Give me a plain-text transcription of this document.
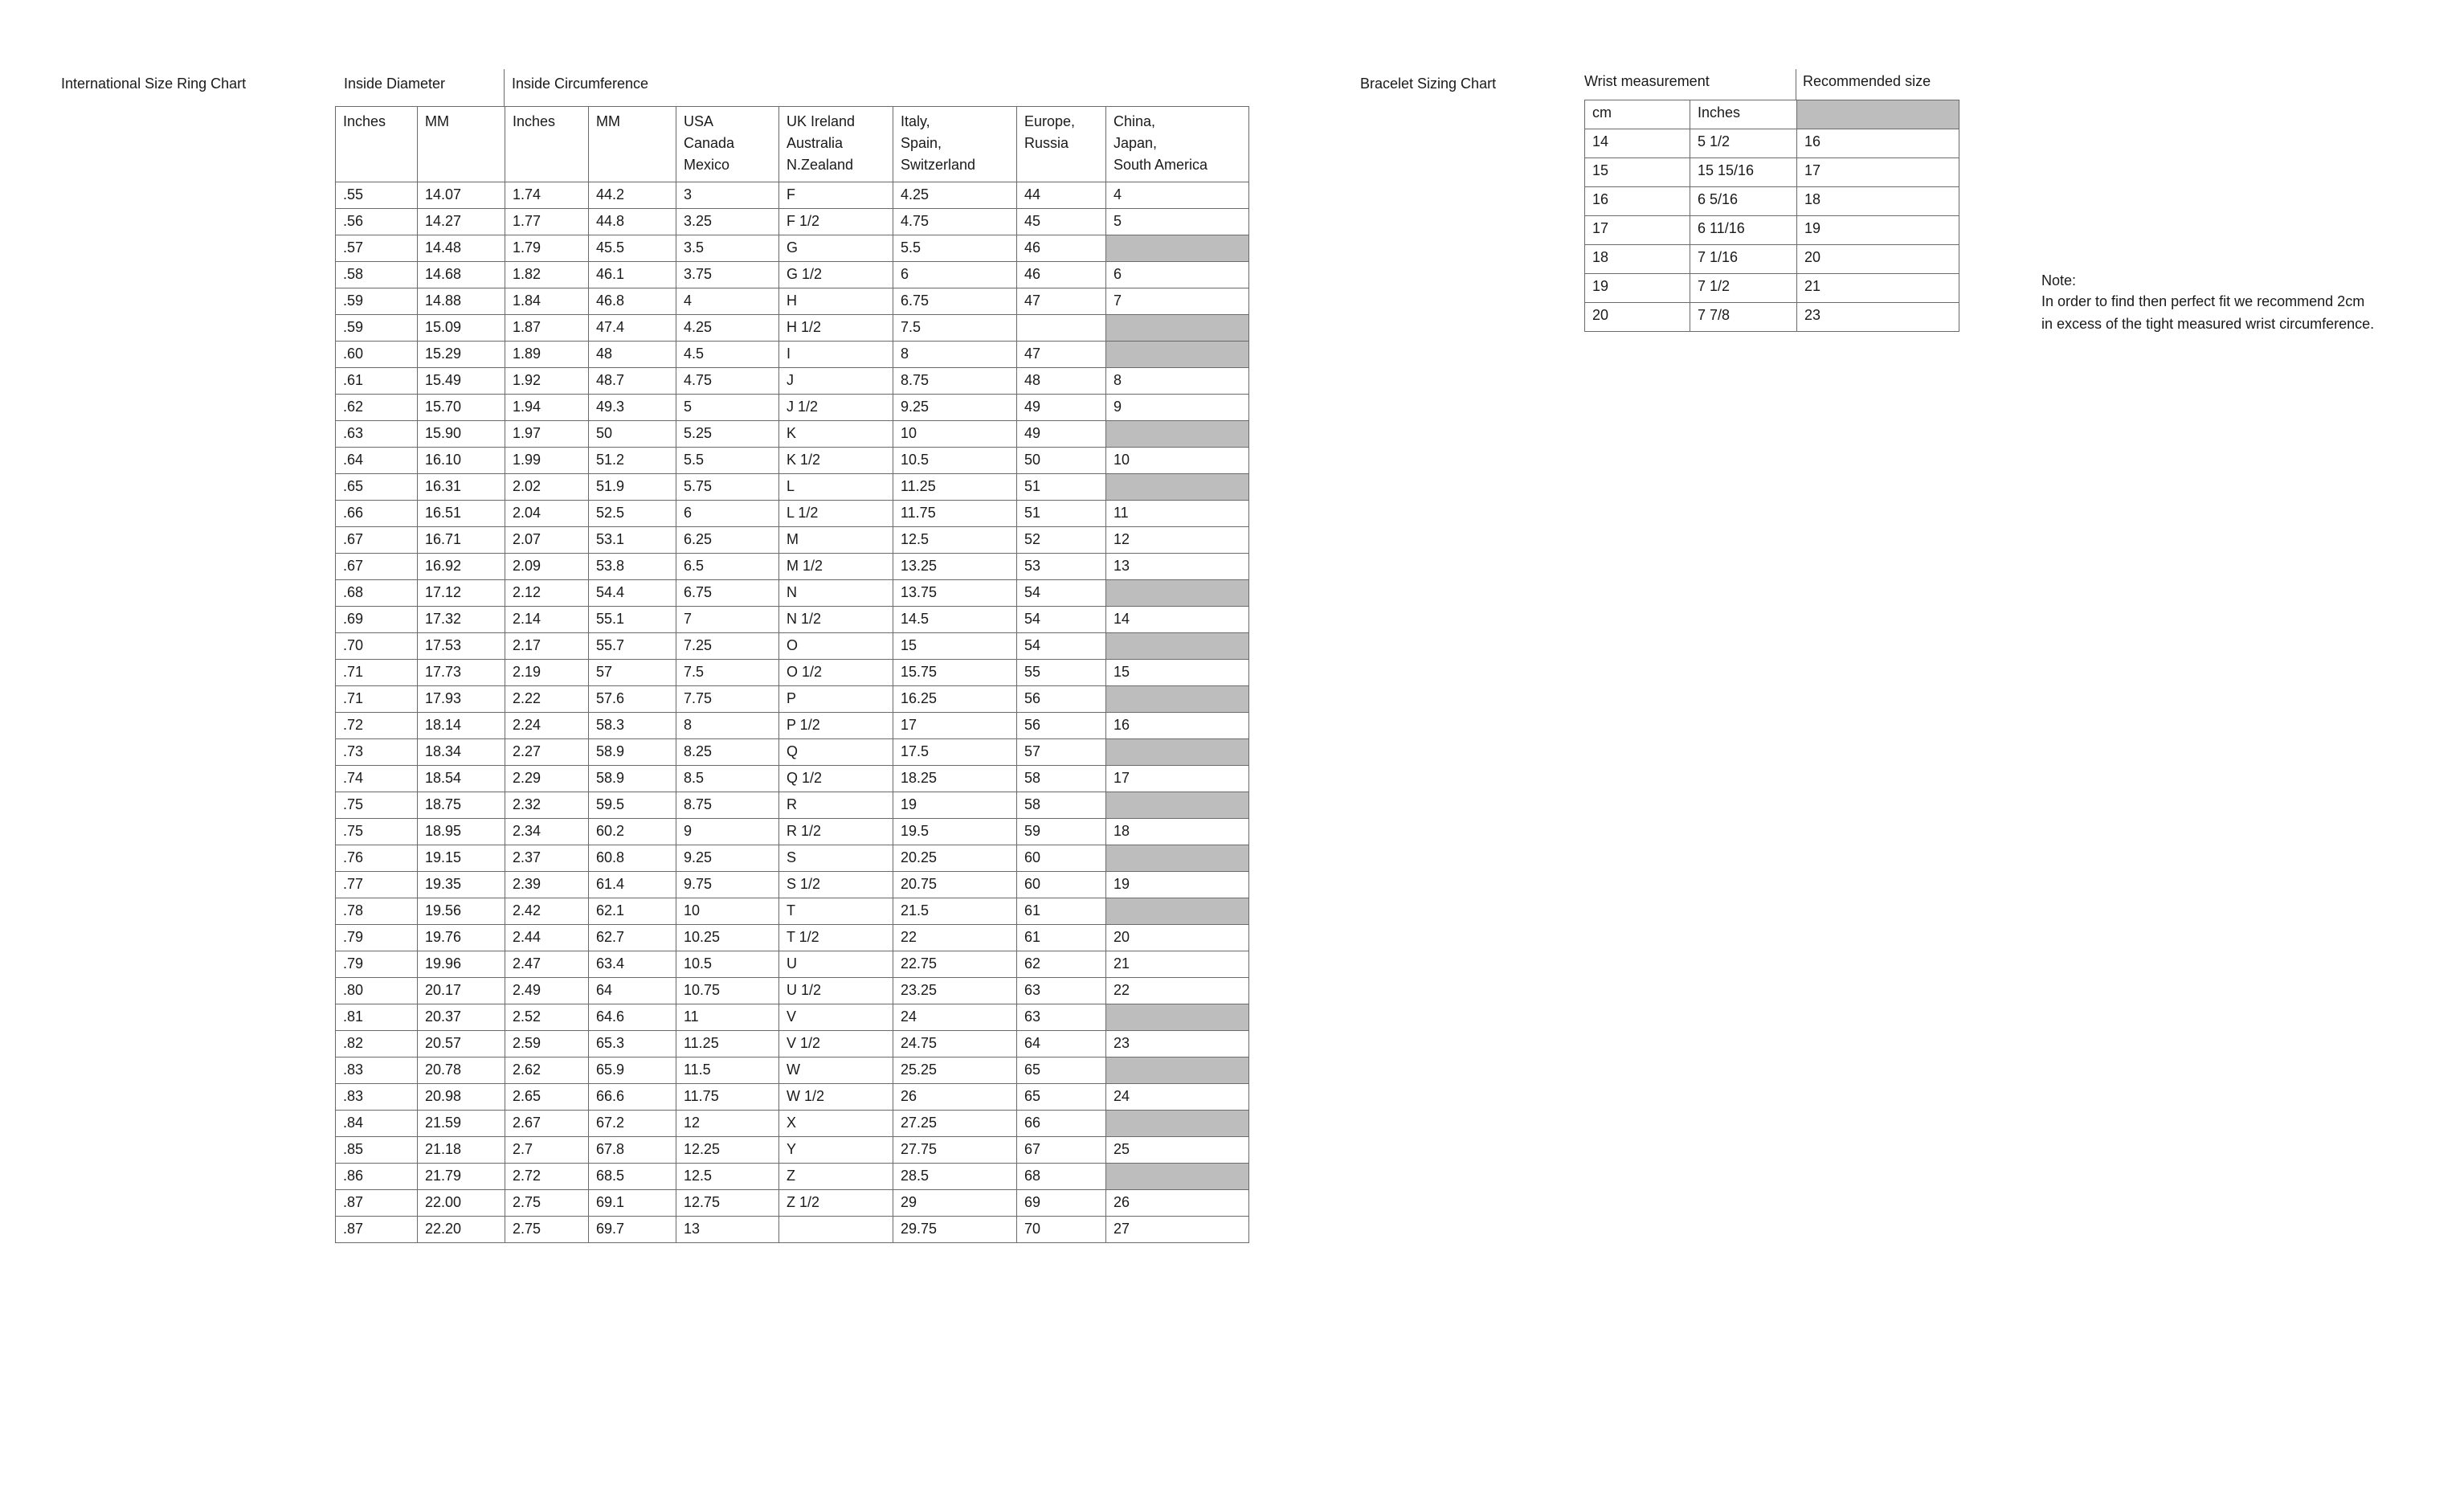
International Size Ring Chart	Inside Diameter	Inside Circumference
Inches	MM	Inches	MM	USA
Canada
Mexico	UK Ireland
Australia
N.Zealand	Italy,
Spain,
Switzerland	Europe,
Russia	China,
Japan,
South America
.55	14.07	1.74	44.2	3	F	4.25	44	4
.56	14.27	1.77	44.8	3.25	F 1/2	4.75	45	5
.57	14.48	1.79	45.5	3.5	G	5.5	46	
.58	14.68	1.82	46.1	3.75	G 1/2	6	46	6
.59	14.88	1.84	46.8	4	H	6.75	47	7
.59	15.09	1.87	47.4	4.25	H 1/2	7.5		
.60	15.29	1.89	48	4.5	I	8	47	
.61	15.49	1.92	48.7	4.75	J	8.75	48	8
.62	15.70	1.94	49.3	5	J 1/2	9.25	49	9
.63	15.90	1.97	50	5.25	K	10	49	
.64	16.10	1.99	51.2	5.5	K 1/2	10.5	50	10
.65	16.31	2.02	51.9	5.75	L	11.25	51	
.66	16.51	2.04	52.5	6	L 1/2	11.75	51	11
.67	16.71	2.07	53.1	6.25	M	12.5	52	12
.67	16.92	2.09	53.8	6.5	M 1/2	13.25	53	13
.68	17.12	2.12	54.4	6.75	N	13.75	54	
.69	17.32	2.14	55.1	7	N 1/2	14.5	54	14
.70	17.53	2.17	55.7	7.25	O	15	54	
.71	17.73	2.19	57	7.5	O 1/2	15.75	55	15
.71	17.93	2.22	57.6	7.75	P	16.25	56	
.72	18.14	2.24	58.3	8	P 1/2	17	56	16
.73	18.34	2.27	58.9	8.25	Q	17.5	57	
.74	18.54	2.29	58.9	8.5	Q 1/2	18.25	58	17
.75	18.75	2.32	59.5	8.75	R	19	58	
.75	18.95	2.34	60.2	9	R 1/2	19.5	59	18
.76	19.15	2.37	60.8	9.25	S	20.25	60	
.77	19.35	2.39	61.4	9.75	S 1/2	20.75	60	19
.78	19.56	2.42	62.1	10	T	21.5	61	
.79	19.76	2.44	62.7	10.25	T 1/2	22	61	20
.79	19.96	2.47	63.4	10.5	U	22.75	62	21
.80	20.17	2.49	64	10.75	U 1/2	23.25	63	22
.81	20.37	2.52	64.6	11	V	24	63	
.82	20.57	2.59	65.3	11.25	V 1/2	24.75	64	23
.83	20.78	2.62	65.9	11.5	W	25.25	65	
.83	20.98	2.65	66.6	11.75	W 1/2	26	65	24
.84	21.59	2.67	67.2	12	X	27.25	66	
.85	21.18	2.7	67.8	12.25	Y	27.75	67	25
.86	21.79	2.72	68.5	12.5	Z	28.5	68	
.87	22.00	2.75	69.1	12.75	Z 1/2	29	69	26
.87	22.20	2.75	69.7	13		29.75	70	27
Bracelet Sizing Chart	Wrist measurement	Recommended size
cm	Inches	
14	5 1/2	16
15	15 15/16	17
16	6 5/16	18
17	6 11/16	19
18	7 1/16	20
19	7 1/2	21
20	7 7/8	23
Note:
In order to find then perfect fit we recommend 2cm
in excess of the tight measured wrist circumference.
